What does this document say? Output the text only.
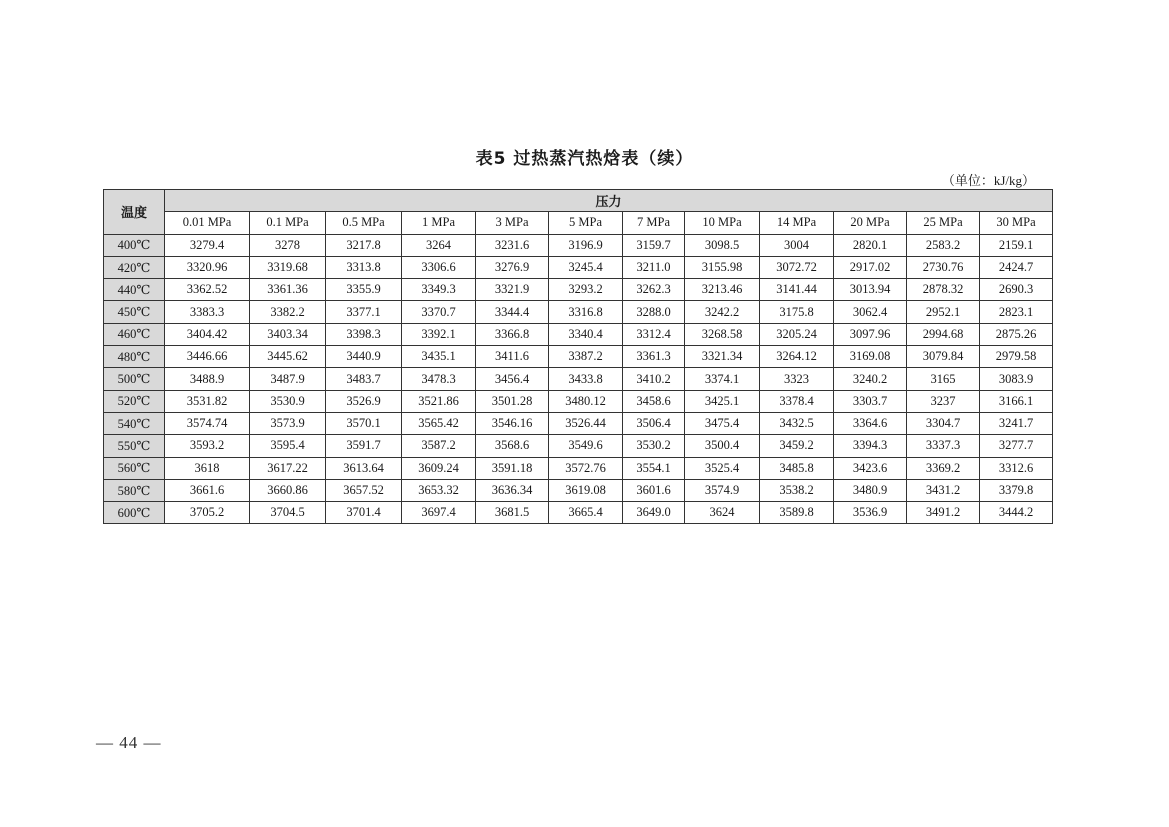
表5 过热蒸汽热焓表（续）
（单位：kJ/kg）
温度	压力											
	0.01 MPa	0.1 MPa	0.5 MPa	1 MPa	3 MPa	5 MPa	7 MPa	10 MPa	14 MPa	20 MPa	25 MPa	30 MPa
400℃	3279.4	3278	3217.8	3264	3231.6	3196.9	3159.7	3098.5	3004	2820.1	2583.2	2159.1
420℃	3320.96	3319.68	3313.8	3306.6	3276.9	3245.4	3211.0	3155.98	3072.72	2917.02	2730.76	2424.7
440℃	3362.52	3361.36	3355.9	3349.3	3321.9	3293.2	3262.3	3213.46	3141.44	3013.94	2878.32	2690.3
450℃	3383.3	3382.2	3377.1	3370.7	3344.4	3316.8	3288.0	3242.2	3175.8	3062.4	2952.1	2823.1
460℃	3404.42	3403.34	3398.3	3392.1	3366.8	3340.4	3312.4	3268.58	3205.24	3097.96	2994.68	2875.26
480℃	3446.66	3445.62	3440.9	3435.1	3411.6	3387.2	3361.3	3321.34	3264.12	3169.08	3079.84	2979.58
500℃	3488.9	3487.9	3483.7	3478.3	3456.4	3433.8	3410.2	3374.1	3323	3240.2	3165	3083.9
520℃	3531.82	3530.9	3526.9	3521.86	3501.28	3480.12	3458.6	3425.1	3378.4	3303.7	3237	3166.1
540℃	3574.74	3573.9	3570.1	3565.42	3546.16	3526.44	3506.4	3475.4	3432.5	3364.6	3304.7	3241.7
550℃	3593.2	3595.4	3591.7	3587.2	3568.6	3549.6	3530.2	3500.4	3459.2	3394.3	3337.3	3277.7
560℃	3618	3617.22	3613.64	3609.24	3591.18	3572.76	3554.1	3525.4	3485.8	3423.6	3369.2	3312.6
580℃	3661.6	3660.86	3657.52	3653.32	3636.34	3619.08	3601.6	3574.9	3538.2	3480.9	3431.2	3379.8
600℃	3705.2	3704.5	3701.4	3697.4	3681.5	3665.4	3649.0	3624	3589.8	3536.9	3491.2	3444.2
— 44 —
